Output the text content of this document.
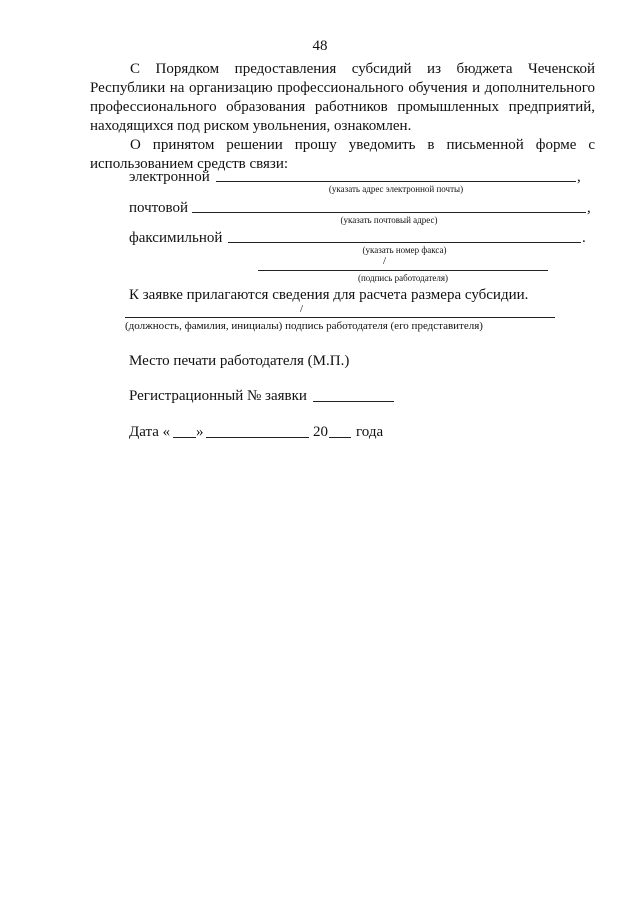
48
С Порядком предоставления субсидий из бюджета Чеченской
Республики на организацию профессионального обучения и дополнительного
профессионального образования работников промышленных предприятий,
находящихся под риском увольнения, ознакомлен.
О принятом решении прошу уведомить в письменной форме с
использованием средств связи:
электронной	,
(указать адрес электронной почты)
почтовой	,
(указать почтовый адрес)
факсимильной	.
(указать номер факса)
/
(подпись работодателя)
К заявке прилагаются сведения для расчета размера субсидии.
/
(должность, фамилия, инициалы) подпись работодателя (его представителя)
Место печати работодателя (М.П.)
Регистрационный № заявки
Дата « »	20 года
